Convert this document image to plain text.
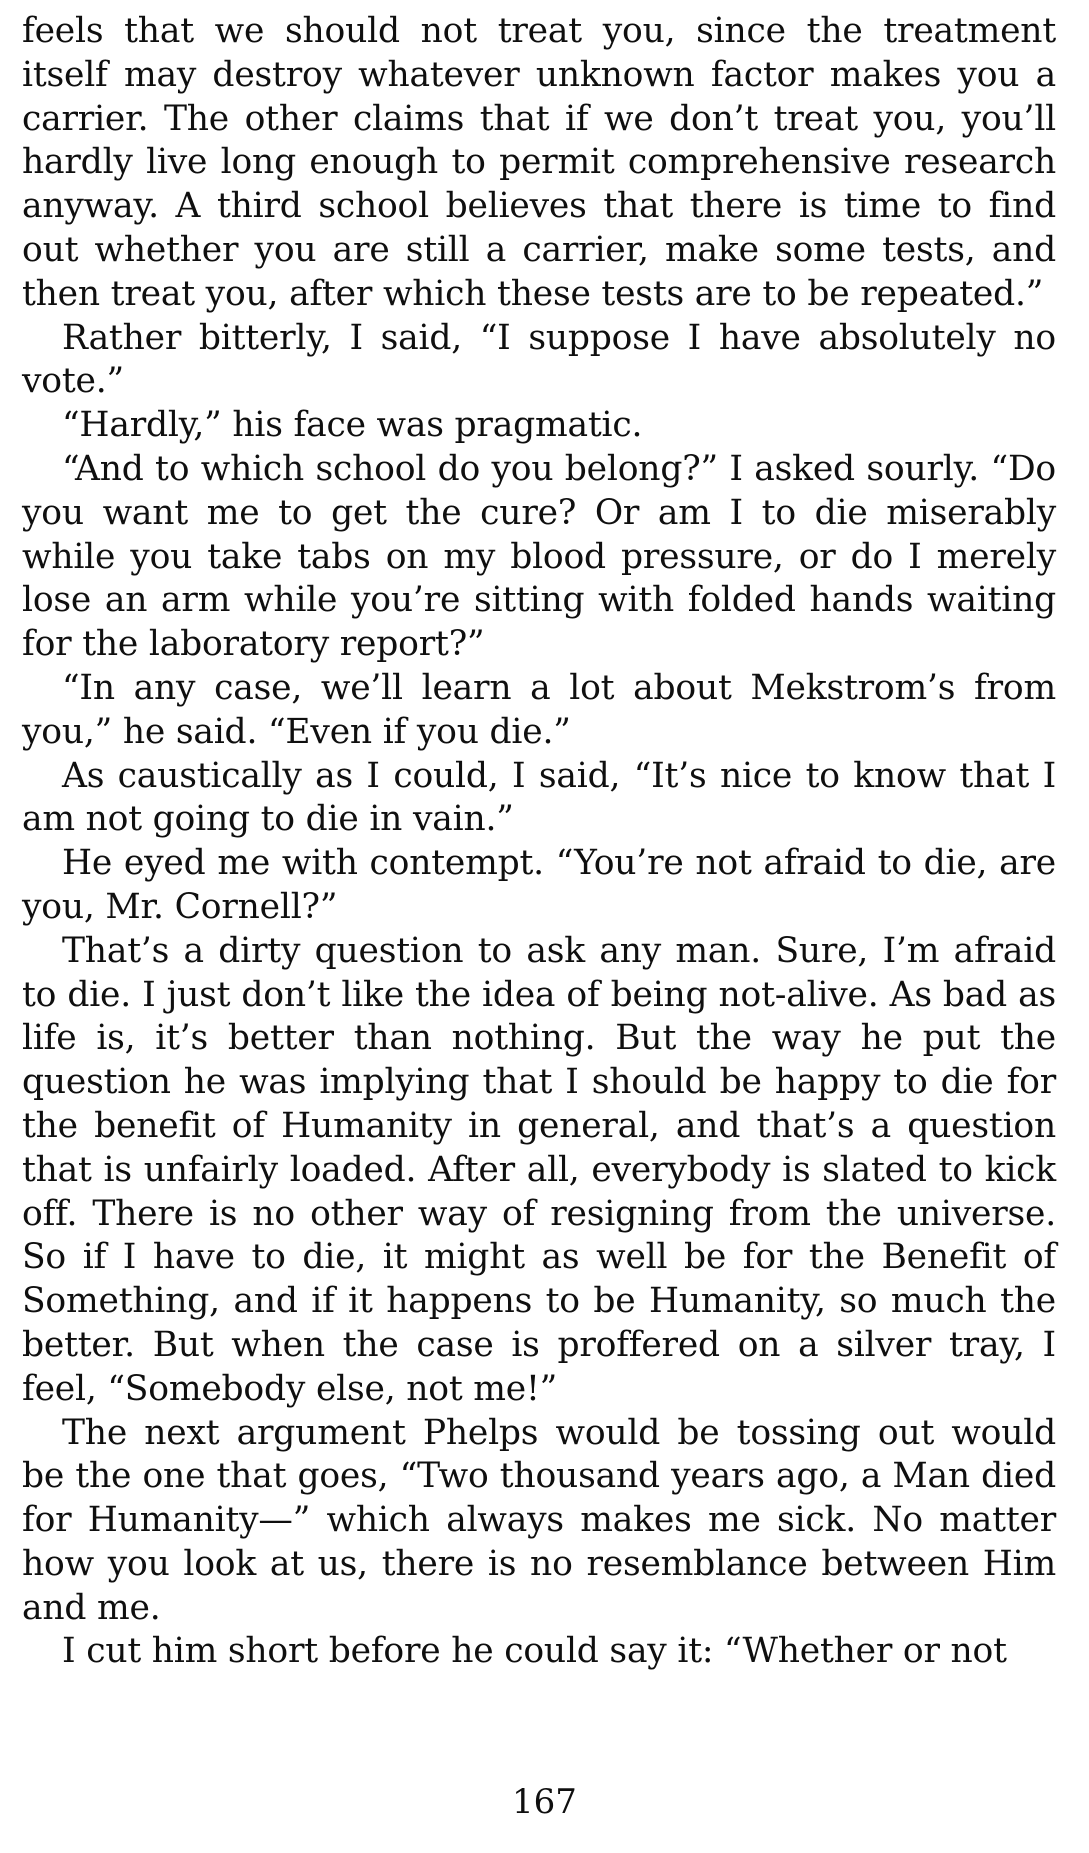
feels that we should not treat you, since the treatment itself may destroy whatever unknown factor makes you a carrier. The other claims that if we don’t treat you, you’ll hardly live long enough to permit comprehensive research anyway. A third school believes that there is time to find out whether you are still a carrier, make some tests, and then treat you, after which these tests are to be repeated.”

Rather bitterly, I said, “I suppose I have absolutely no vote.”

“Hardly,” his face was pragmatic.

“And to which school do you belong?” I asked sourly. “Do you want me to get the cure? Or am I to die miserably while you take tabs on my blood pressure, or do I merely lose an arm while you’re sitting with folded hands waiting for the laboratory report?”

“In any case, we’ll learn a lot about Mekstrom’s from you,” he said. “Even if you die.”

As caustically as I could, I said, “It’s nice to know that I am not going to die in vain.”

He eyed me with contempt. “You’re not afraid to die, are you, Mr. Cornell?”

That’s a dirty question to ask any man. Sure, I’m afraid to die. I just don’t like the idea of being not-alive. As bad as life is, it’s better than nothing. But the way he put the question he was implying that I should be happy to die for the benefit of Humanity in general, and that’s a question that is unfairly loaded. After all, everybody is slated to kick off. There is no other way of resigning from the universe. So if I have to die, it might as well be for the Benefit of Something, and if it happens to be Humanity, so much the better. But when the case is proffered on a silver tray, I feel, “Somebody else, not me!”

The next argument Phelps would be tossing out would be the one that goes, “Two thousand years ago, a Man died for Humanity—” which always makes me sick. No matter how you look at us, there is no resemblance between Him and me.

I cut him short before he could say it: “Whether or not

167
